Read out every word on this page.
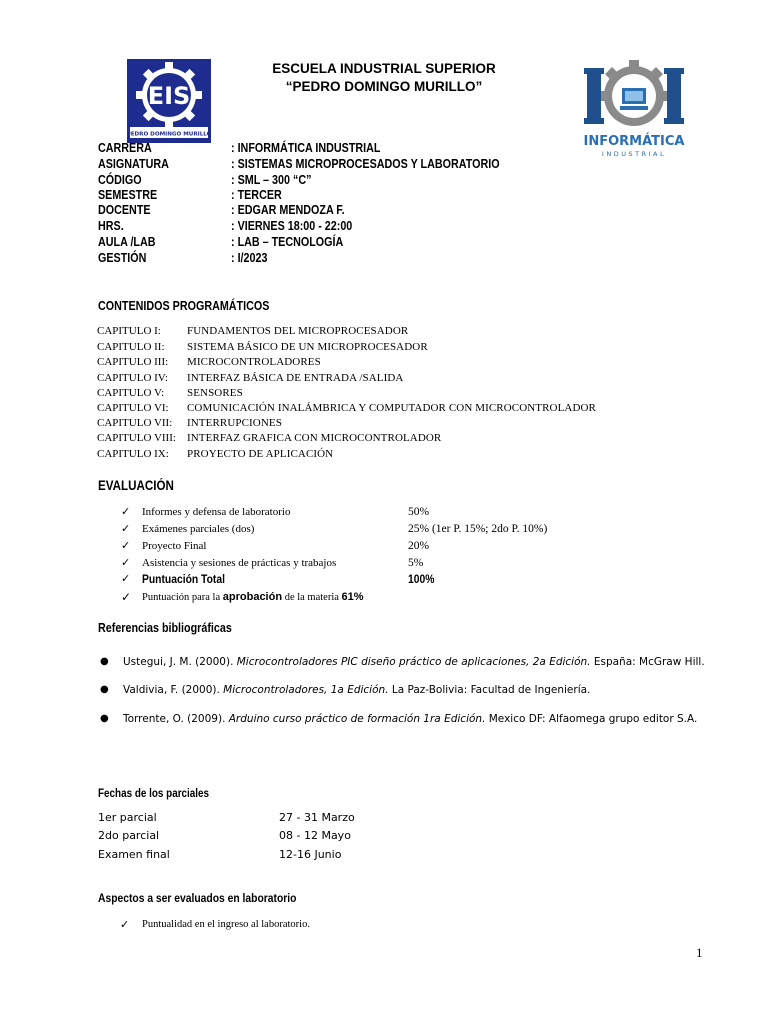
ESCUELA INDUSTRIAL SUPERIOR
“PEDRO DOMINGO MURILLO”
EIS
PEDRO DOMINGO MURILLO	INFORMÁTICA
INDUSTRIAL
CARRERA	: INFORMÁTICA INDUSTRIAL
ASIGNATURA	: SISTEMAS MICROPROCESADOS Y LABORATORIO
CÓDIGO	: SML – 300 “C”
SEMESTRE	: TERCER
DOCENTE	: EDGAR MENDOZA F.
HRS.	: VIERNES 18:00 - 22:00
AULA /LAB	: LAB – TECNOLOGÍA
GESTIÓN	: I/2023
CONTENIDOS PROGRAMÁTICOS
CAPITULO I: FUNDAMENTOS DEL MICROPROCESADOR
CAPITULO II: SISTEMA BÁSICO DE UN MICROPROCESADOR
CAPITULO III: MICROCONTROLADORES
CAPITULO IV: INTERFAZ BÁSICA DE ENTRADA /SALIDA
CAPITULO V: SENSORES
CAPITULO VI: COMUNICACIÓN INALÁMBRICA Y COMPUTADOR CON MICROCONTROLADOR
CAPITULO VII: INTERRUPCIONES
CAPITULO VIII: INTERFAZ GRAFICA CON MICROCONTROLADOR
CAPITULO IX: PROYECTO DE APLICACIÓN
EVALUACIÓN
✓ Informes y defensa de laboratorio	50%
✓ Exámenes parciales (dos)	25% (1er P. 15%; 2do P. 10%)
✓ Proyecto Final	20%
✓ Asistencia y sesiones de prácticas y trabajos	5%
✓ Puntuación Total	100%
✓ Puntuación para la aprobación de la materia 61%
Referencias bibliográficas
● Ustegui, J. M. (2000). Microcontroladores PIC diseño práctico de aplicaciones, 2a Edición. España: McGraw Hill.
● Valdivia, F. (2000). Microcontroladores, 1a Edición. La Paz-Bolivia: Facultad de Ingeniería.
● Torrente, O. (2009). Arduino curso práctico de formación 1ra Edición. Mexico DF: Alfaomega grupo editor S.A.
Fechas de los parciales
1er parcial	27 - 31 Marzo
2do parcial	08 - 12 Mayo
Examen final	12-16 Junio
Aspectos a ser evaluados en laboratorio
✓ Puntualidad en el ingreso al laboratorio.
1
